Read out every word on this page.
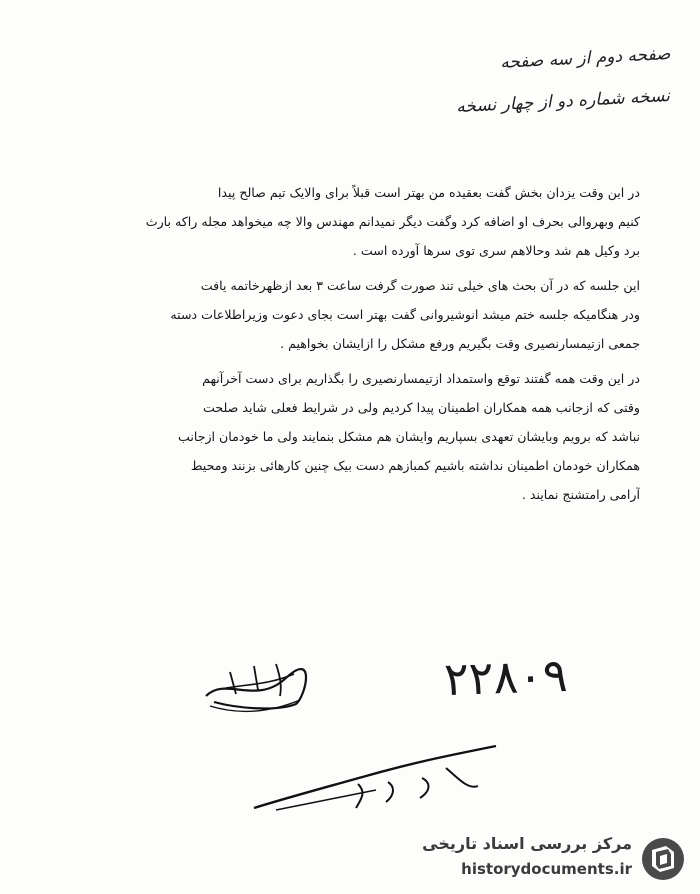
صفحه دوم از سه صفحه
نسخه شماره دو از چهار نسخه
در این وقت یزدان بخش گفت بعقیده من بهتر است قبلاً برای والایک تیم صالح پیدا
کنیم وبهروالی بحرف او اضافه کرد وگفت دیگر نمیدانم مهندس والا چه میخواهد مجله راکه بارث
برد وکیل هم شد وحالاهم سری توی سرها آورده است .
این جلسه که در آن بحث های خیلی تند صورت گرفت ساعت ۳ بعد ازظهرخاتمه یافت
ودر هنگامیکه جلسه ختم میشد انوشیروانی گفت بهتر است بجای دعوت وزیراطلاعات دسته
جمعی ازتیمسارنصیری وقت بگیریم ورفع مشکل را ازایشان بخواهیم .
در این وقت همه گفتند توقع واستمداد ازتیمسارنصیری را بگذاریم برای دست آخرآنهم
وقتی که ازجانب همه همکاران اطمینان پیدا کردیم ولی در شرایط فعلی شاید صلحت
نباشد که برویم وبایشان تعهدی بسپاریم وایشان هم مشکل بنمایند ولی ما خودمان ازجانب
همکاران خودمان اطمینان نداشته باشیم کمبازهم دست بیک چنین کارهائی بزنند ومحیط
آرامی رامتشنج نمایند .
۲۲۸۰۹
مرکز بررسی اسناد تاریخی
historydocuments.ir
